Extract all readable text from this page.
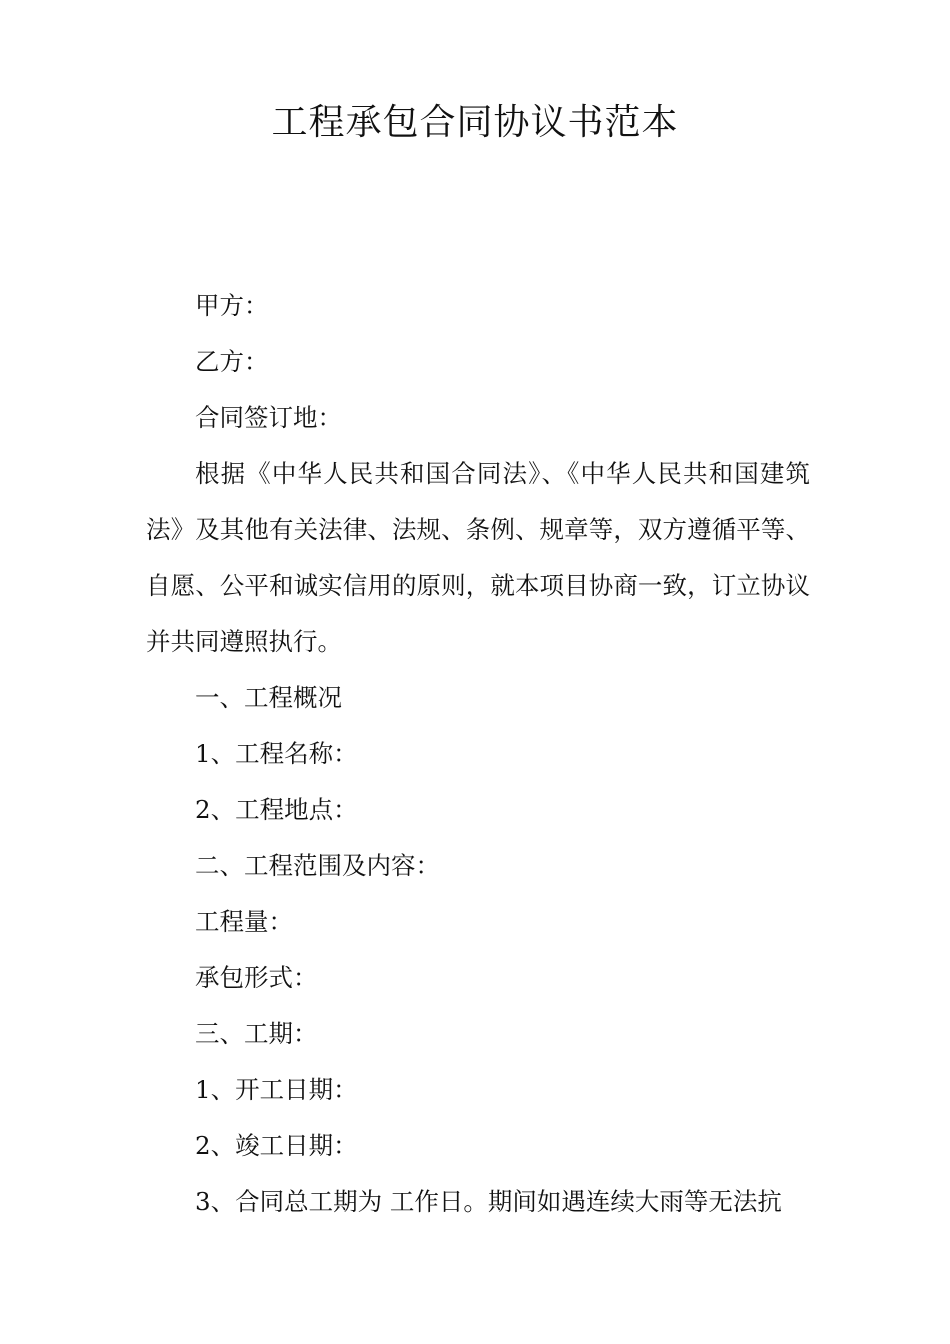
工程承包合同协议书范本
甲方：
乙方：
合同签订地：
根据《中华人民共和国合同法》、《中华人民共和国建筑法》及其他有关法律、法规、条例、规章等，双方遵循平等、自愿、公平和诚实信用的原则，就本项目协商一致，订立协议并共同遵照执行。
一、工程概况
1、工程名称：
2、工程地点：
二、工程范围及内容：
工程量：
承包形式：
三、工期：
1、开工日期：
2、竣工日期：
3、合同总工期为 工作日。期间如遇连续大雨等无法抗
